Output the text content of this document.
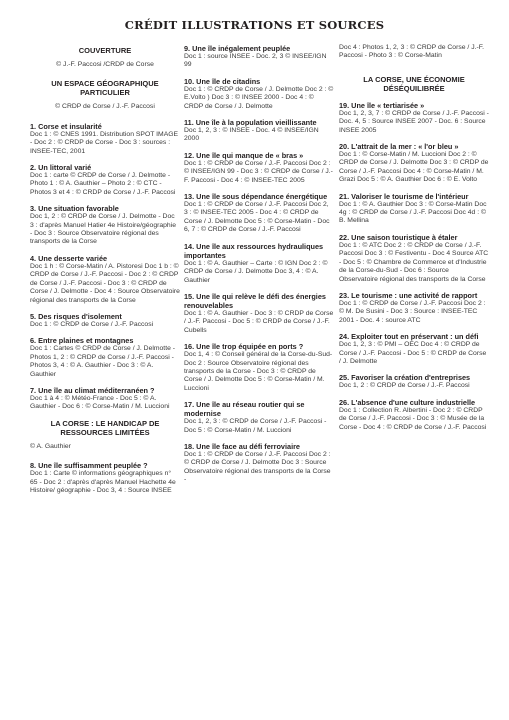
CRÉDIT ILLUSTRATIONS ET SOURCES
COUVERTURE
© J.-F. Paccosi /CRDP de Corse
UN ESPACE GÉOGRAPHIQUE PARTICULIER
© CRDP de Corse / J.-F. Paccosi
1. Corse et insularité
Doc 1 : © CNES 1991. Distribution SPOT IMAGE - Doc 2 : © CRDP de Corse - Doc 3 : sources : INSEE-TEC, 2001
2. Un littoral varié
Doc 1 : carte © CRDP de Corse / J. Delmotte - Photo 1 : © A. Gauthier – Photo 2 : © CTC - Photos 3 et 4 : © CRDP de Corse / J.-F. Paccosi
3. Une situation favorable
Doc 1, 2 : © CRDP de Corse / J. Delmotte - Doc 3 : d'après Manuel Hatier 4e Histoire/géographie - Doc 3 : Source Observatoire régional des transports de la Corse
4. Une desserte variée
Doc 1 h : © Corse-Matin / A. Pistoresi Doc 1 b : © CRDP de Corse / J.-F. Paccosi - Doc 2 : © CRDP de Corse / J.-F. Paccosi - Doc 3 : © CRDP de Corse / J. Delmotte - Doc 4 : Source Observatoire régional des transports de la Corse
5. Des risques d'isolement
Doc 1 : © CRDP de Corse / J.-F. Paccosi
6. Entre plaines et montagnes
Doc 1 : Cartes © CRDP de Corse / J. Delmotte - Photos 1, 2 : © CRDP de Corse / J.-F. Paccosi - Photos 3, 4 : © A. Gauthier - Doc 3 : © A. Gauthier
7. Une île au climat méditerranéen ?
Doc 1 à 4 : © Météo-France - Doc 5 : © A. Gauthier - Doc 6 : © Corse-Matin / M. Luccioni
LA CORSE : LE HANDICAP DE RESSOURCES LIMITÉES
© A. Gauthier
8. Une île suffisamment peuplée ?
Doc 1 : Carte © informations géographiques n° 65 - Doc 2 : d'après d'après Manuel Hachette 4e Histoire/ géographie - Doc 3, 4 : Source INSEE
9. Une île inégalement peuplée
Doc 1 : source INSEE - Doc. 2, 3 © INSEE/IGN 99
10. Une île de citadins
Doc 1 : © CRDP de Corse / J. Delmotte Doc 2 : © E.Volto ) Doc 3 : © INSEE 2000 - Doc 4 : © CRDP de Corse / J. Delmotte
11. Une île à la population vieillissante
Doc 1, 2, 3 : © INSEE - Doc. 4 © INSEE/IGN 2000
12. Une île qui manque de « bras »
Doc 1 : © CRDP de Corse / J.-F. Paccosi Doc 2 : © INSEE/IGN 99 - Doc 3 : © CRDP de Corse / J.-F. Paccosi - Doc 4 : © INSEE-TEC 2005
13. Une île sous dépendance énergétique
Doc 1 : © CRDP de Corse / J.-F. Paccosi Doc 2, 3 : © INSEE-TEC 2005 - Doc 4 : © CRDP de Corse / J. Delmotte Doc 5 : © Corse-Matin - Doc 6, 7 : © CRDP de Corse / J.-F. Paccosi
14. Une île aux ressources hydrauliques importantes
Doc 1 : © A. Gauthier – Carte : © IGN Doc 2 : © CRDP de Corse / J. Delmotte Doc 3, 4 : © A. Gauthier
15. Une île qui relève le défi des énergies renouvelables
Doc 1 : © A. Gauthier - Doc 3 : © CRDP de Corse / J.-F. Paccosi - Doc 5 : © CRDP de Corse / J.-F. Cubells
16. Une île trop équipée en ports ?
Doc 1, 4 : © Conseil général de la Corse-du-Sud- Doc 2 : Source Observatoire régional des transports de la Corse - Doc 3 : © CRDP de Corse / J. Delmotte Doc 5 : © Corse-Matin / M. Luccioni
17. Une île au réseau routier qui se modernise
Doc 1, 2, 3 : © CRDP de Corse / J.-F. Paccosi - Doc 5 : © Corse-Matin / M. Luccioni
18. Une île face au défi ferroviaire
Doc 1 : © CRDP de Corse / J.-F. Paccosi Doc 2 : © CRDP de Corse / J. Delmotte Doc 3 : Source Observatoire régional des transports de la Corse -
Doc 4 : Photos 1, 2, 3 : © CRDP de Corse / J.-F. Paccosi - Photo 3 : © Corse-Matin
LA CORSE, UNE ÉCONOMIE DÉSÉQUILIBRÉE
19. Une île « tertiarisée »
Doc 1, 2, 3, 7 : © CRDP de Corse / J.-F. Paccosi - Doc. 4, 5 : Source INSEE 2007 - Doc. 6 : Source INSEE 2005
20. L'attrait de la mer : « l'or bleu »
Doc 1 : © Corse-Matin / M. Luccioni Doc 2 : © CRDP de Corse / J. Delmotte Doc 3 : © CRDP de Corse / J.-F. Paccosi Doc 4 : © Corse-Matin / M. Grazi Doc 5 : © A. Gauthier Doc 6 : © E. Volto
21. Valoriser le tourisme de l'intérieur
Doc 1 : © A. Gauthier Doc 3 : © Corse-Matin Doc 4g : © CRDP de Corse / J.-F. Paccosi Doc 4d : © B. Mellina
22. Une saison touristique à étaler
Doc 1 : © ATC Doc 2 : © CRDP de Corse / J.-F. Paccosi Doc 3 : © Festiventu - Doc 4 Source ATC - Doc 5 : © Chambre de Commerce et d'Industrie de la Corse-du-Sud - Doc 6 : Source Observatoire régional des transports de la Corse
23. Le tourisme : une activité de rapport
Doc 1 : © CRDP de Corse / J.-F. Paccosi Doc 2 : © M. De Susini - Doc 3 : Source : INSEE-TEC 2001 - Doc. 4 : source ATC
24. Exploiter tout en préservant : un défi
Doc 1, 2, 3 : © PMI – OEC Doc 4 : © CRDP de Corse / J.-F. Paccosi - Doc 5 : © CRDP de Corse / J. Delmotte
25. Favoriser la création d'entreprises
Doc 1, 2 : © CRDP de Corse / J.-F. Paccosi
26. L'absence d'une culture industrielle
Doc 1 : Collection R. Albertini - Doc 2 : © CRDP de Corse / J.-F. Paccosi - Doc 3 : © Musée de la Corse - Doc 4 : © CRDP de Corse / J.-F. Paccosi
